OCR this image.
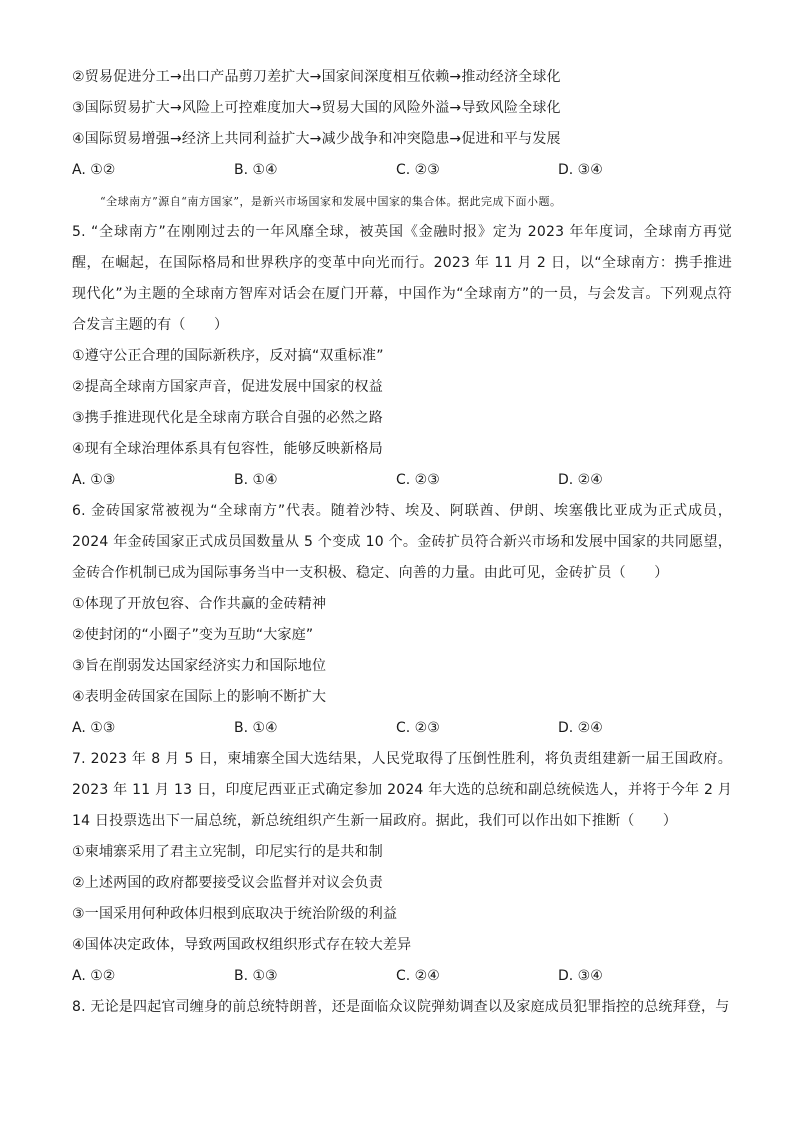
②贸易促进分工→出口产品剪刀差扩大→国家间深度相互依赖→推动经济全球化
③国际贸易扩大→风险上可控难度加大→贸易大国的风险外溢→导致风险全球化
④国际贸易增强→经济上共同利益扩大→减少战争和冲突隐患→促进和平与发展
A. ①②	B. ①④	C. ②③	D. ③④
“全球南方”源自“南方国家”，是新兴市场国家和发展中国家的集合体。据此完成下面小题。
5. “全球南方”在刚刚过去的一年风靡全球，被英国《金融时报》定为 2023 年年度词，全球南方再觉醒，在崛起，在国际格局和世界秩序的变革中向光而行。2023 年 11 月 2 日，以“全球南方：携手推进现代化”为主题的全球南方智库对话会在厦门开幕，中国作为“全球南方”的一员，与会发言。下列观点符合发言主题的有（　　）
①遵守公正合理的国际新秩序，反对搞“双重标准”
②提高全球南方国家声音，促进发展中国家的权益
③携手推进现代化是全球南方联合自强的必然之路
④现有全球治理体系具有包容性，能够反映新格局
A. ①③	B. ①④	C. ②③	D. ②④
6. 金砖国家常被视为“全球南方”代表。随着沙特、埃及、阿联酋、伊朗、埃塞俄比亚成为正式成员，2024 年金砖国家正式成员国数量从 5 个变成 10 个。金砖扩员符合新兴市场和发展中国家的共同愿望，金砖合作机制已成为国际事务当中一支积极、稳定、向善的力量。由此可见，金砖扩员（　　）
①体现了开放包容、合作共赢的金砖精神
②使封闭的“小圈子”变为互助“大家庭”
③旨在削弱发达国家经济实力和国际地位
④表明金砖国家在国际上的影响不断扩大
A. ①③	B. ①④	C. ②③	D. ②④
7. 2023 年 8 月 5 日，柬埔寨全国大选结果，人民党取得了压倒性胜利，将负责组建新一届王国政府。2023 年 11 月 13 日，印度尼西亚正式确定参加 2024 年大选的总统和副总统候选人，并将于今年 2 月 14 日投票选出下一届总统，新总统组织产生新一届政府。据此，我们可以作出如下推断（　　）
①柬埔寨采用了君主立宪制，印尼实行的是共和制
②上述两国的政府都要接受议会监督并对议会负责
③一国采用何种政体归根到底取决于统治阶级的利益
④国体决定政体，导致两国政权组织形式存在较大差异
A. ①②	B. ①③	C. ②④	D. ③④
8. 无论是四起官司缠身的前总统特朗普，还是面临众议院弹劾调查以及家庭成员犯罪指控的总统拜登，与
